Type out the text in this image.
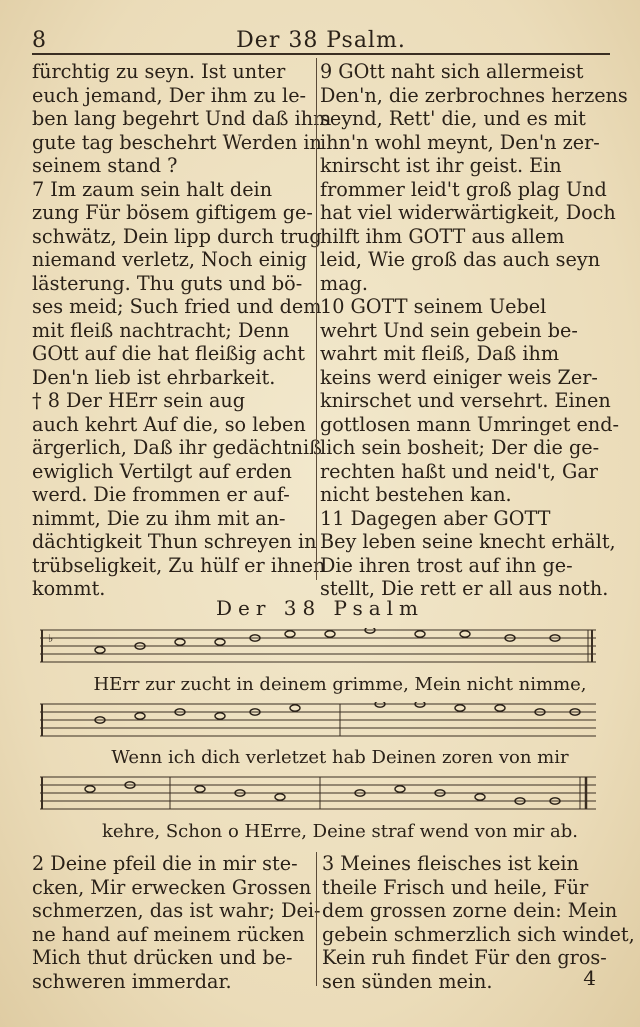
8	Der 38 Psalm.

fürchtig zu seyn. Ist unter

euch jemand, Der ihm zu le-

ben lang begehrt Und daß ihm

gute tag beschehrt Werden in

seinem stand ?

7 Im zaum sein halt dein

zung Für bösem giftigem ge-

schwätz, Dein lipp durch trug

niemand verletz, Noch einig

lästerung. Thu guts und bö-

ses meid; Such fried und dem

mit fleiß nachtracht; Denn

GOtt auf die hat fleißig acht

Den'n lieb ist ehrbarkeit.

† 8 Der HErr sein aug

auch kehrt Auf die, so leben

ärgerlich, Daß ihr gedächtniß

ewiglich Vertilgt auf erden

werd. Die frommen er auf-

nimmt, Die zu ihm mit an-

dächtigkeit Thun schreyen in

trübseligkeit, Zu hülf er ihnen

kommt.

9 GOtt naht sich allermeist

Den'n, die zerbrochnes herzens

seynd, Rett' die, und es mit

ihn'n wohl meynt, Den'n zer-

knirscht ist ihr geist. Ein

frommer leid't groß plag Und

hat viel widerwärtigkeit, Doch

hilft ihm GOTT aus allem

leid, Wie groß das auch seyn

mag.

10 GOTT seinem Uebel

wehrt Und sein gebein be-

wahrt mit fleiß, Daß ihm

keins werd einiger weis Zer-

knirschet und versehrt. Einen

gottlosen mann Umringet end-

lich sein bosheit; Der die ge-

rechten haßt und neid't, Gar

nicht bestehen kan.

11 Dagegen aber GOTT

Bey leben seine knecht erhält,

Die ihren trost auf ihn ge-

stellt, Die rett er all aus noth.

Der 38 Psalm
♭
HErr zur zucht in deinem grimme, Mein nicht nimme,
Wenn ich dich verletzet hab Deinen zoren von mir
kehre, Schon o HErre, Deine straf wend von mir ab.

2 Deine pfeil die in mir ste-

cken, Mir erwecken Grossen

schmerzen, das ist wahr; Dei-

ne hand auf meinem rücken

Mich thut drücken und be-

schweren immerdar.

3 Meines fleisches ist kein

theile Frisch und heile, Für

dem grossen zorne dein: Mein

gebein schmerzlich sich windet,

Kein ruh findet Für den gros-

sen sünden mein.	4
